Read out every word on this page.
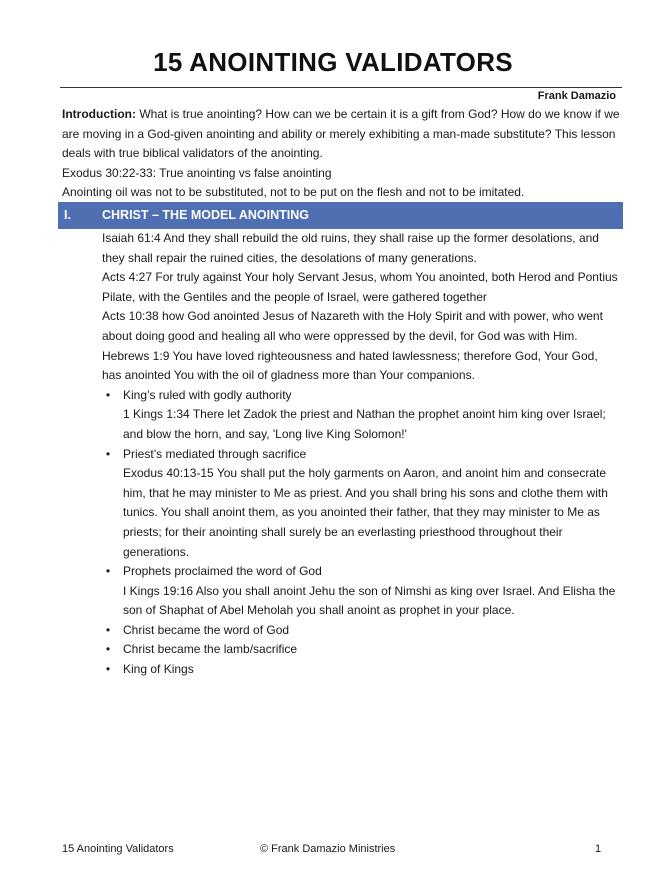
15 ANOINTING VALIDATORS
Frank Damazio

Introduction: What is true anointing? How can we be certain it is a gift from God? How do we know if we are moving in a God-given anointing and ability or merely exhibiting a man-made substitute? This lesson deals with true biblical validators of the anointing.

Exodus 30:22-33: True anointing vs false anointing

Anointing oil was not to be substituted, not to be put on the flesh and not to be imitated.

I. CHRIST – THE MODEL ANOINTING

Isaiah 61:4 And they shall rebuild the old ruins, they shall raise up the former desolations, and they shall repair the ruined cities, the desolations of many generations.

Acts 4:27 For truly against Your holy Servant Jesus, whom You anointed, both Herod and Pontius Pilate, with the Gentiles and the people of Israel, were gathered together

Acts 10:38 how God anointed Jesus of Nazareth with the Holy Spirit and with power, who went about doing good and healing all who were oppressed by the devil, for God was with Him.

Hebrews 1:9 You have loved righteousness and hated lawlessness; therefore God, Your God, has anointed You with the oil of gladness more than Your companions.

•	King’s ruled with godly authority
1 Kings 1:34 There let Zadok the priest and Nathan the prophet anoint him king over Israel; and blow the horn, and say, 'Long live King Solomon!'
•	Priest’s mediated through sacrifice
Exodus 40:13-15 You shall put the holy garments on Aaron, and anoint him and consecrate him, that he may minister to Me as priest. And you shall bring his sons and clothe them with tunics. You shall anoint them, as you anointed their father, that they may minister to Me as priests; for their anointing shall surely be an everlasting priesthood throughout their generations.
•	Prophets proclaimed the word of God
I Kings 19:16 Also you shall anoint Jehu the son of Nimshi as king over Israel. And Elisha the son of Shaphat of Abel Meholah you shall anoint as prophet in your place.
•	Christ became the word of God
•	Christ became the lamb/sacrifice
•	King of Kings
15 Anointing Validators	© Frank Damazio Ministries	1
